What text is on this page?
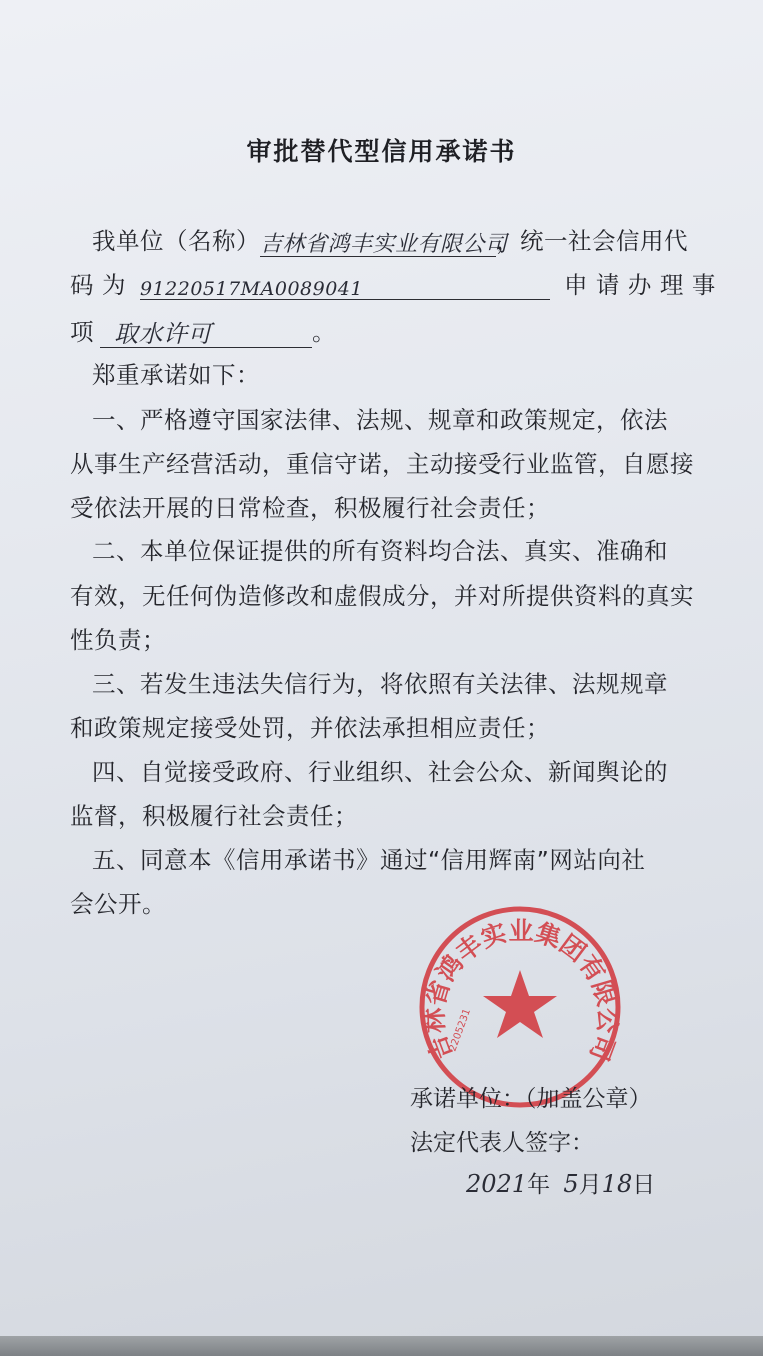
审批替代型信用承诺书
我单位（名称）吉林省鸿丰实业有限公司，统一社会信用代
码 为 91220517MA0089041	申 请 办 理 事
项 取水许可	。
郑重承诺如下：
一、严格遵守国家法律、法规、规章和政策规定，依法
从事生产经营活动，重信守诺，主动接受行业监管，自愿接
受依法开展的日常检查，积极履行社会责任；
二、本单位保证提供的所有资料均合法、真实、准确和
有效，无任何伪造修改和虚假成分，并对所提供资料的真实
性负责；
三、若发生违法失信行为，将依照有关法律、法规规章
和政策规定接受处罚，并依法承担相应责任；
四、自觉接受政府、行业组织、社会公众、新闻舆论的
监督，积极履行社会责任；
五、同意本《信用承诺书》通过“信用辉南”网站向社
会公开。
吉林省鸿丰实业集团有限公司
2205231
承诺单位：（加盖公章）
法定代表人签字：
2021年 5月18日
